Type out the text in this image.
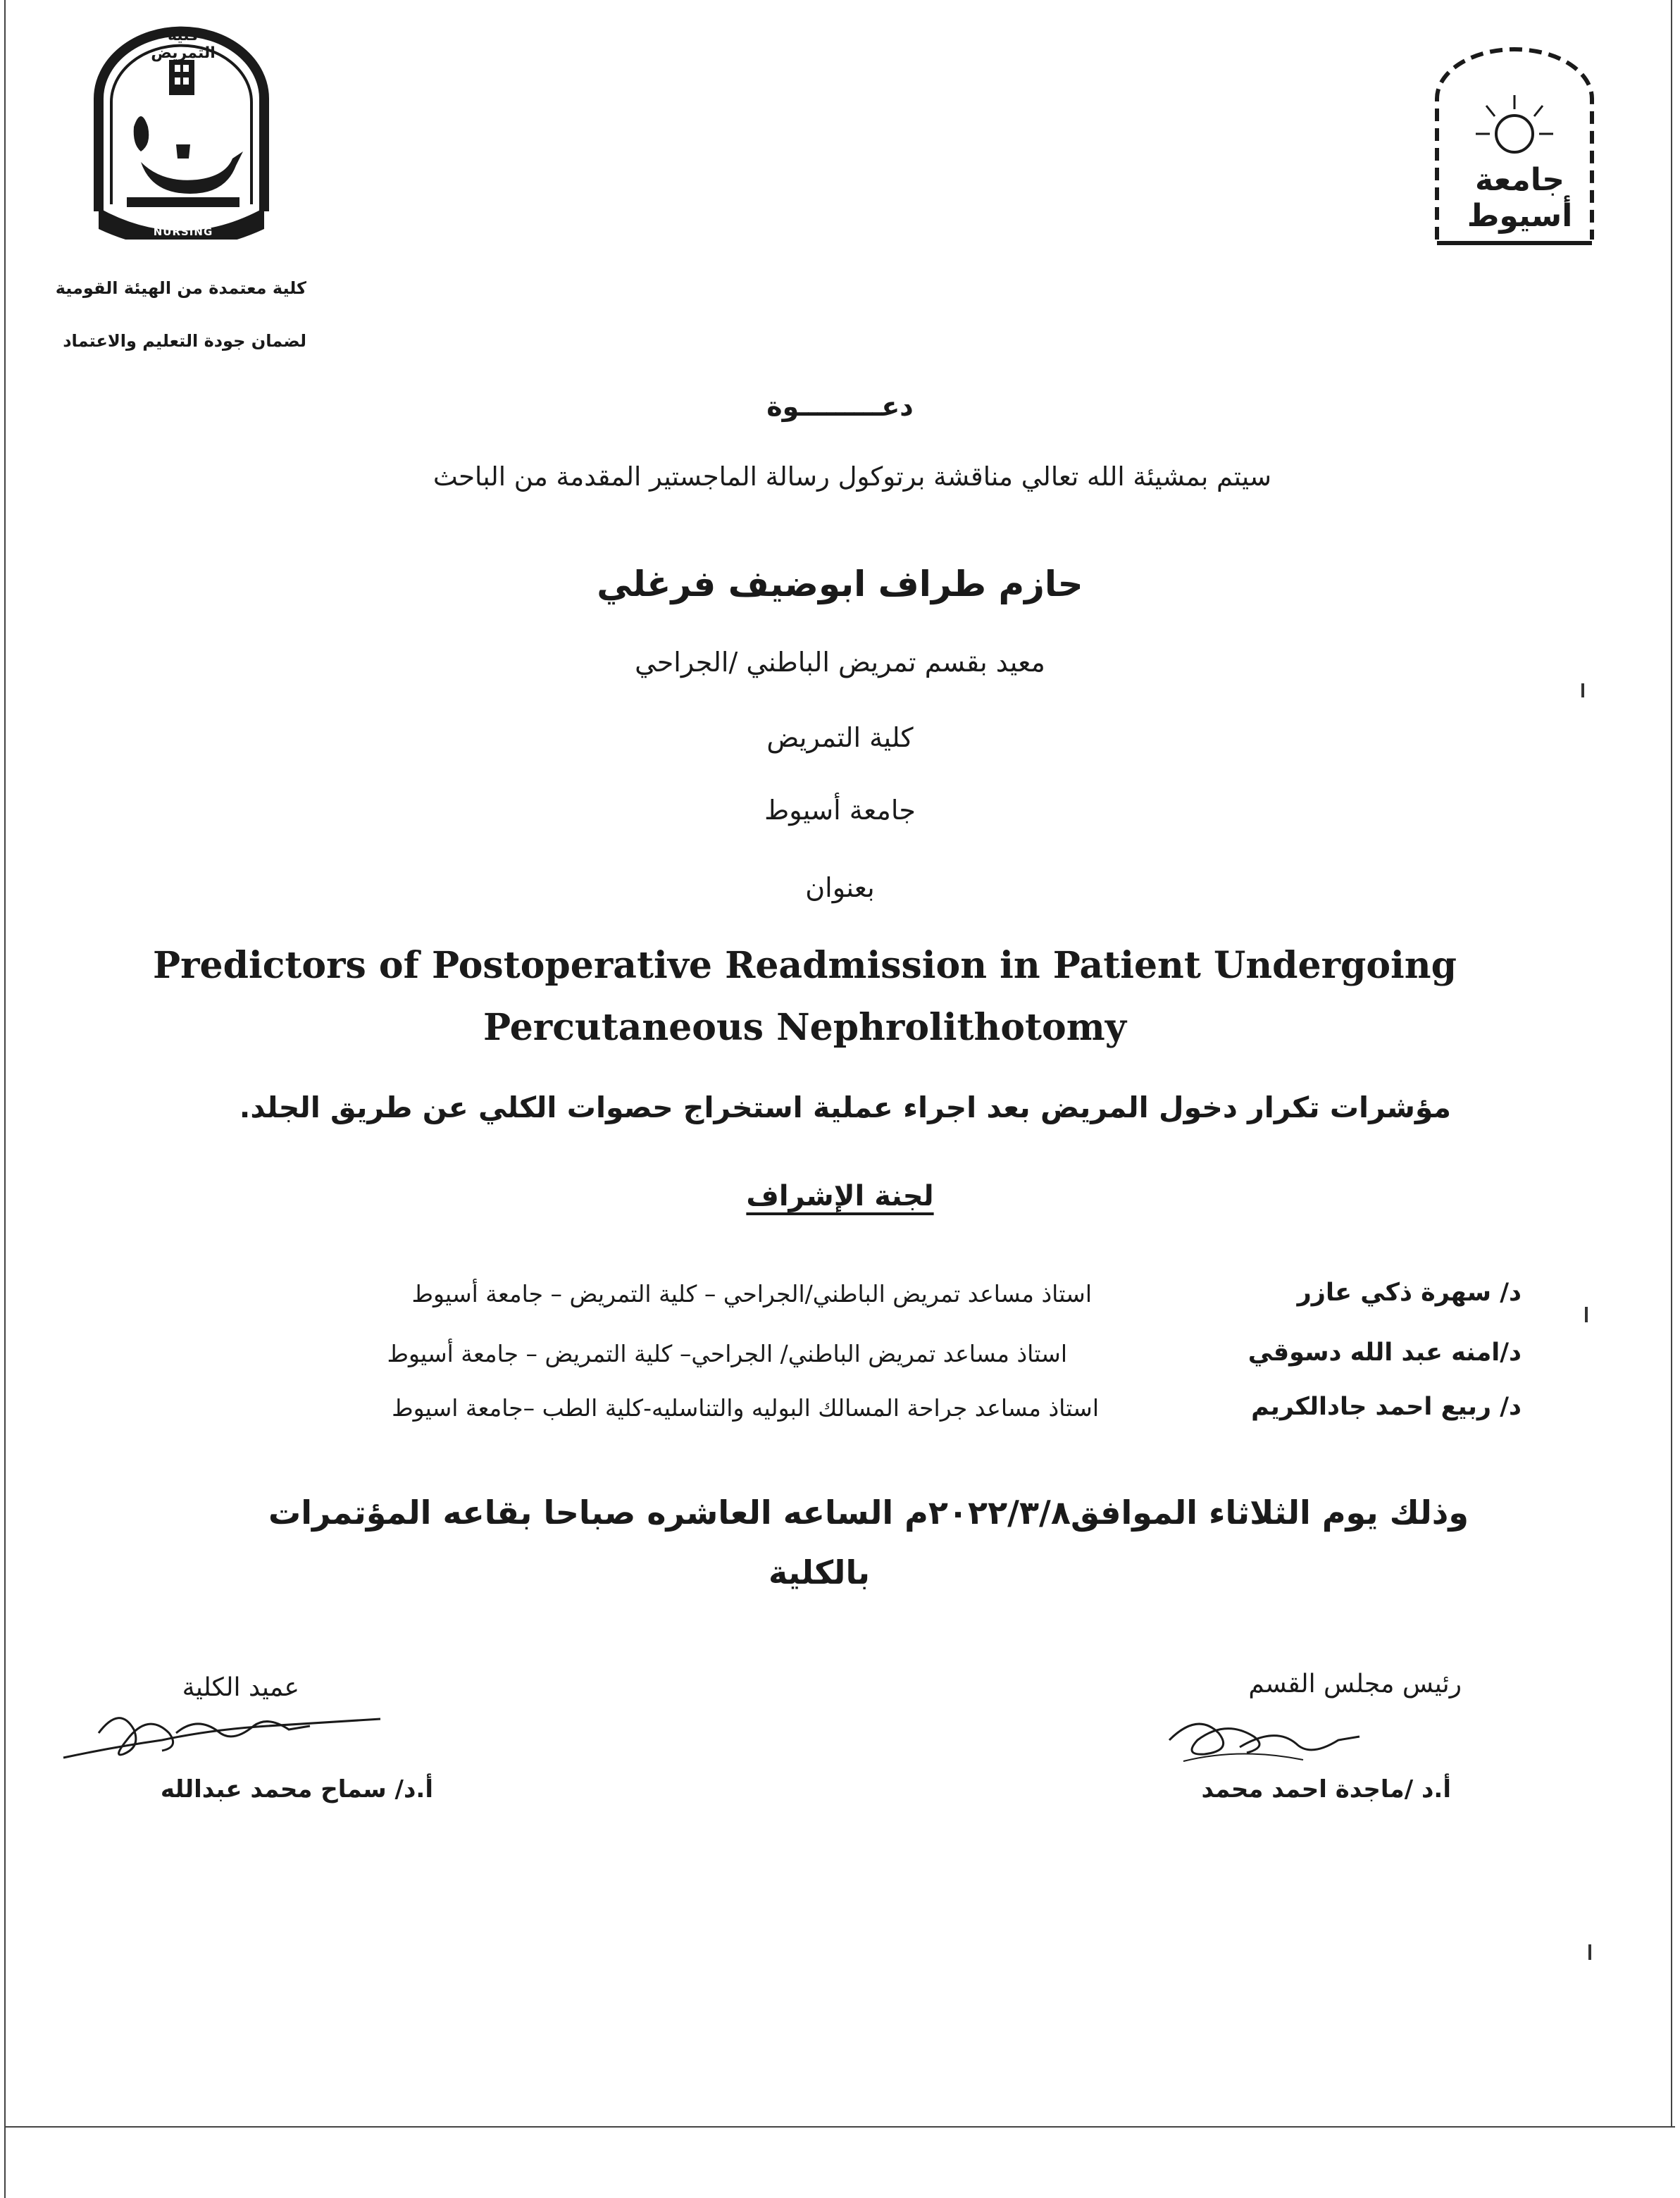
كلية التمريض
FACULTY OF NURSING
كلية معتمدة من الهيئة القومية
لضمان جودة التعليم والاعتماد
جامعة أسيوط
دعـــــــــوة
سيتم بمشيئة الله تعالي مناقشة برتوكول رسالة الماجستير المقدمة من الباحث
حازم طراف ابوضيف فرغلي
معيد بقسم تمريض الباطني /الجراحي
كلية التمريض
جامعة أسيوط
بعنوان
Predictors of Postoperative Readmission in Patient Undergoing
Percutaneous Nephrolithotomy
مؤشرات تكرار دخول المريض بعد اجراء عملية استخراج حصوات الكلي عن طريق الجلد.
لجنة الإشراف
د/ سهرة ذكي عازر
استاذ مساعد تمريض الباطني/الجراحي – كلية التمريض – جامعة أسيوط
د/امنه عبد الله دسوقي
استاذ مساعد تمريض الباطني/ الجراحي– كلية التمريض – جامعة أسيوط
د/ ربيع احمد جادالكريم
استاذ مساعد جراحة المسالك البوليه والتناسليه-كلية الطب –جامعة اسيوط
وذلك يوم الثلاثاء الموافق٢٠٢٢/٣/٨م الساعه العاشره صباحا بقاعه المؤتمرات
بالكلية
رئيس مجلس القسم
أ.د /ماجدة احمد محمد
عميد الكلية
أ.د/ سماح محمد عبدالله
